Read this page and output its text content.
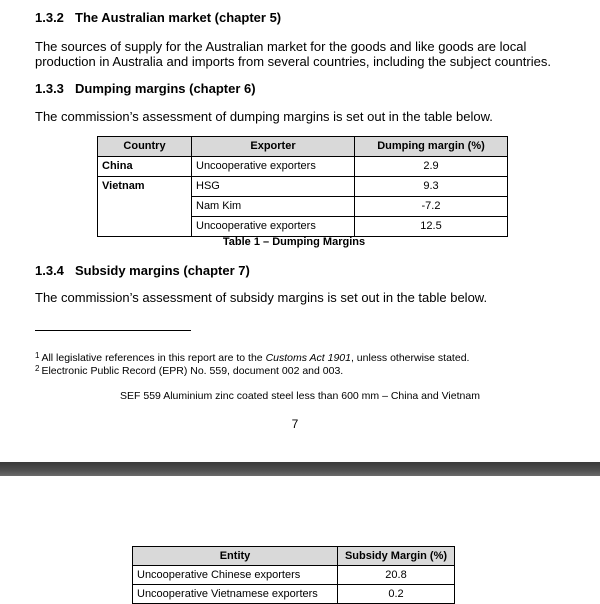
1.3.2 The Australian market (chapter 5)

The sources of supply for the Australian market for the goods and like goods are local production in Australia and imports from several countries, including the subject countries.

1.3.3 Dumping margins (chapter 6)

The commission’s assessment of dumping margins is set out in the table below.

Country	Exporter	Dumping margin (%)
China	Uncooperative exporters	2.9
Vietnam	HSG	9.3
	Nam Kim	-7.2
	Uncooperative exporters	12.5
Table 1 – Dumping Margins
1.3.4 Subsidy margins (chapter 7)

The commission’s assessment of subsidy margins is set out in the table below.

$^1$ All legislative references in this report are to the Customs Act 1901, unless otherwise stated.
$^2$ Electronic Public Record (EPR) No. 559, document 002 and 003.
SEF 559 Aluminium zinc coated steel less than 600 mm – China and Vietnam
7
Entity	Subsidy Margin (%)
Uncooperative Chinese exporters	20.8
Uncooperative Vietnamese exporters	0.2
